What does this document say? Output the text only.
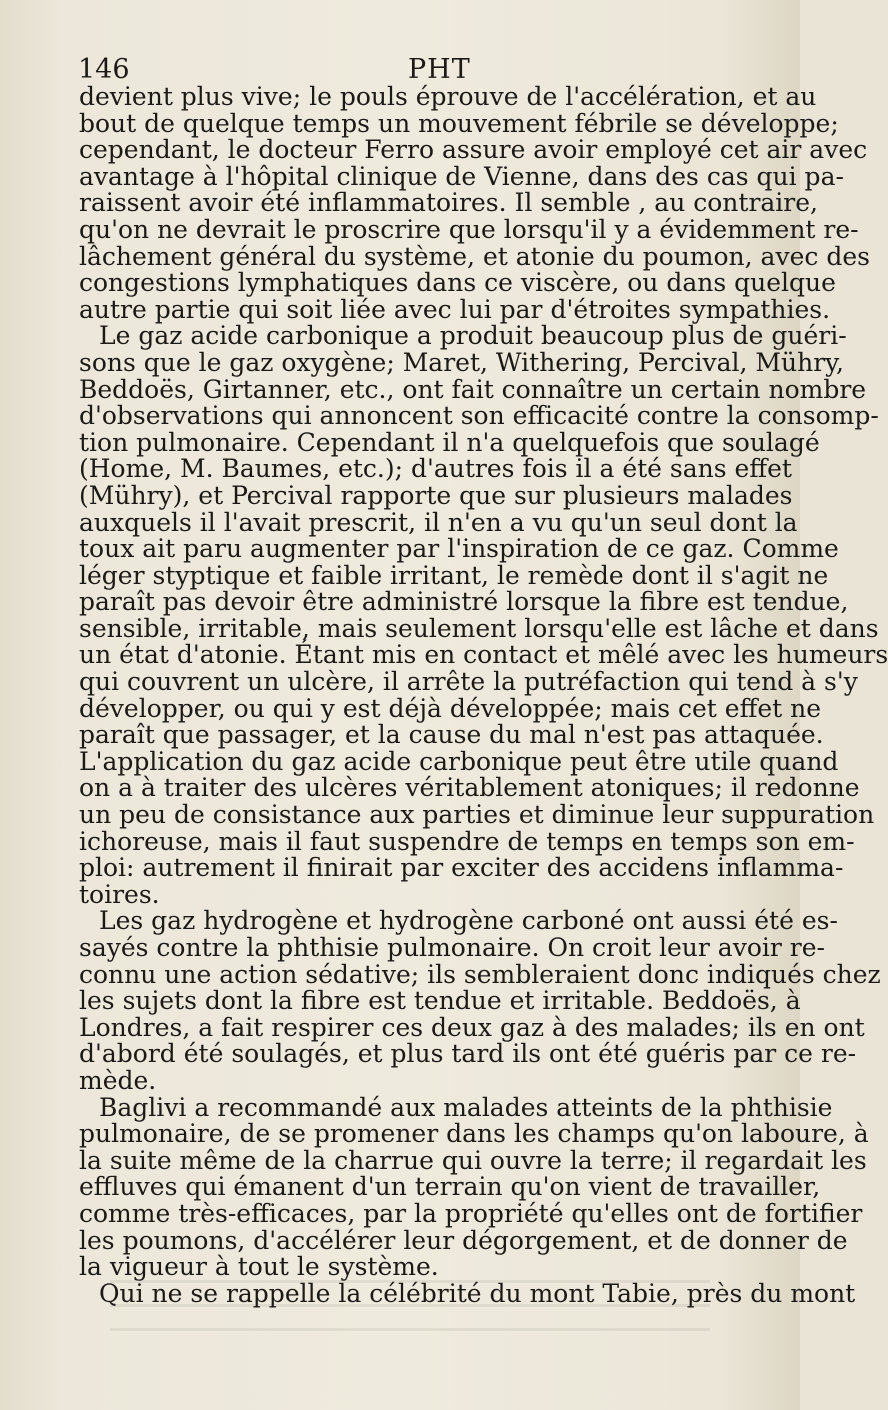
146	PHT
devient plus vive; le pouls éprouve de l'accélération, et au
bout de quelque temps un mouvement fébrile se développe;
cependant, le docteur Ferro assure avoir employé cet air avec
avantage à l'hôpital clinique de Vienne, dans des cas qui pa-
raissent avoir été inflammatoires. Il semble , au contraire,
qu'on ne devrait le proscrire que lorsqu'il y a évidemment re-
lâchement général du système, et atonie du poumon, avec des
congestions lymphatiques dans ce viscère, ou dans quelque
autre partie qui soit liée avec lui par d'étroites sympathies.
Le gaz acide carbonique a produit beaucoup plus de guéri-
sons que le gaz oxygène; Maret, Withering, Percival, Mühry,
Beddoës, Girtanner, etc., ont fait connaître un certain nombre
d'observations qui annoncent son efficacité contre la consomp-
tion pulmonaire. Cependant il n'a quelquefois que soulagé
(Home, M. Baumes, etc.); d'autres fois il a été sans effet
(Mühry), et Percival rapporte que sur plusieurs malades
auxquels il l'avait prescrit, il n'en a vu qu'un seul dont la
toux ait paru augmenter par l'inspiration de ce gaz. Comme
léger styptique et faible irritant, le remède dont il s'agit ne
paraît pas devoir être administré lorsque la fibre est tendue,
sensible, irritable, mais seulement lorsqu'elle est lâche et dans
un état d'atonie. Étant mis en contact et mêlé avec les humeurs
qui couvrent un ulcère, il arrête la putréfaction qui tend à s'y
développer, ou qui y est déjà développée; mais cet effet ne
paraît que passager, et la cause du mal n'est pas attaquée.
L'application du gaz acide carbonique peut être utile quand
on a à traiter des ulcères véritablement atoniques; il redonne
un peu de consistance aux parties et diminue leur suppuration
ichoreuse, mais il faut suspendre de temps en temps son em-
ploi: autrement il finirait par exciter des accidens inflamma-
toires.
Les gaz hydrogène et hydrogène carboné ont aussi été es-
sayés contre la phthisie pulmonaire. On croit leur avoir re-
connu une action sédative; ils sembleraient donc indiqués chez
les sujets dont la fibre est tendue et irritable. Beddoës, à
Londres, a fait respirer ces deux gaz à des malades; ils en ont
d'abord été soulagés, et plus tard ils ont été guéris par ce re-
mède.
Baglivi a recommandé aux malades atteints de la phthisie
pulmonaire, de se promener dans les champs qu'on laboure, à
la suite même de la charrue qui ouvre la terre; il regardait les
effluves qui émanent d'un terrain qu'on vient de travailler,
comme très-efficaces, par la propriété qu'elles ont de fortifier
les poumons, d'accélérer leur dégorgement, et de donner de
la vigueur à tout le système.
Qui ne se rappelle la célébrité du mont Tabie, près du mont
